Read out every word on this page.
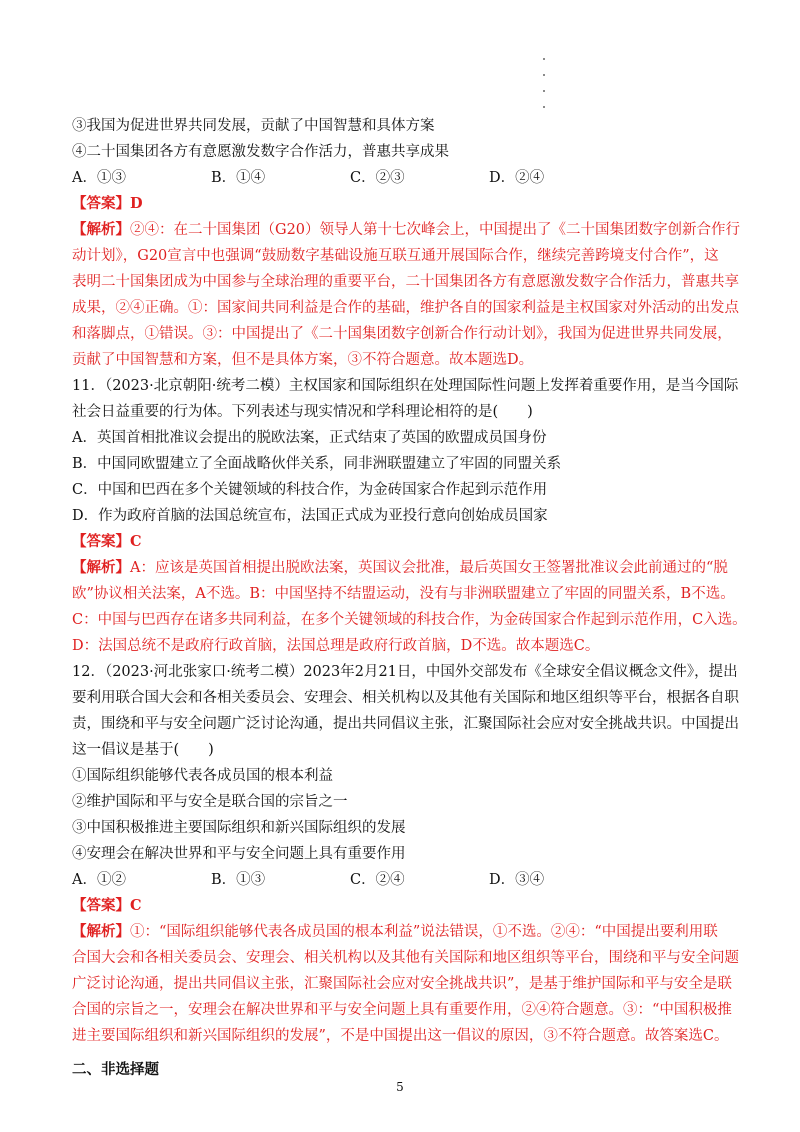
③我国为促进世界共同发展，贡献了中国智慧和具体方案
④二十国集团各方有意愿激发数字合作活力，普惠共享成果
A．①③	B．①④	C．②③	D．②④
【答案】D
【解析】②④：在二十国集团（G20）领导人第十七次峰会上，中国提出了《二十国集团数字创新合作行
动计划》，G20宣言中也强调“鼓励数字基础设施互联互通开展国际合作，继续完善跨境支付合作”，这
表明二十国集团成为中国参与全球治理的重要平台，二十国集团各方有意愿激发数字合作活力，普惠共享
成果，②④正确。①：国家间共同利益是合作的基础，维护各自的国家利益是主权国家对外活动的出发点
和落脚点，①错误。③：中国提出了《二十国集团数字创新合作行动计划》，我国为促进世界共同发展，
贡献了中国智慧和方案，但不是具体方案，③不符合题意。故本题选D。
11．（2023·北京朝阳·统考二模）主权国家和国际组织在处理国际性问题上发挥着重要作用，是当今国际
社会日益重要的行为体。下列表述与现实情况和学科理论相符的是(　　)
A．英国首相批准议会提出的脱欧法案，正式结束了英国的欧盟成员国身份
B．中国同欧盟建立了全面战略伙伴关系，同非洲联盟建立了牢固的同盟关系
C．中国和巴西在多个关键领域的科技合作，为金砖国家合作起到示范作用
D．作为政府首脑的法国总统宣布，法国正式成为亚投行意向创始成员国家
【答案】C
【解析】A：应该是英国首相提出脱欧法案，英国议会批准，最后英国女王签署批准议会此前通过的“脱
欧”协议相关法案，A不选。B：中国坚持不结盟运动，没有与非洲联盟建立了牢固的同盟关系，B不选。
C：中国与巴西存在诸多共同利益，在多个关键领域的科技合作，为金砖国家合作起到示范作用，C入选。
D：法国总统不是政府行政首脑，法国总理是政府行政首脑，D不选。故本题选C。
12．（2023·河北张家口·统考二模）2023年2月21日，中国外交部发布《全球安全倡议概念文件》，提出
要利用联合国大会和各相关委员会、安理会、相关机构以及其他有关国际和地区组织等平台，根据各自职
责，围绕和平与安全问题广泛讨论沟通，提出共同倡议主张，汇聚国际社会应对安全挑战共识。中国提出
这一倡议是基于(　　)
①国际组织能够代表各成员国的根本利益
②维护国际和平与安全是联合国的宗旨之一
③中国积极推进主要国际组织和新兴国际组织的发展
④安理会在解决世界和平与安全问题上具有重要作用
A．①②	B．①③	C．②④	D．③④
【答案】C
【解析】①：“国际组织能够代表各成员国的根本利益”说法错误，①不选。②④：“中国提出要利用联
合国大会和各相关委员会、安理会、相关机构以及其他有关国际和地区组织等平台，围绕和平与安全问题
广泛讨论沟通，提出共同倡议主张，汇聚国际社会应对安全挑战共识”，是基于维护国际和平与安全是联
合国的宗旨之一，安理会在解决世界和平与安全问题上具有重要作用，②④符合题意。③：“中国积极推
进主要国际组织和新兴国际组织的发展”，不是中国提出这一倡议的原因，③不符合题意。故答案选C。
二、非选择题
5
